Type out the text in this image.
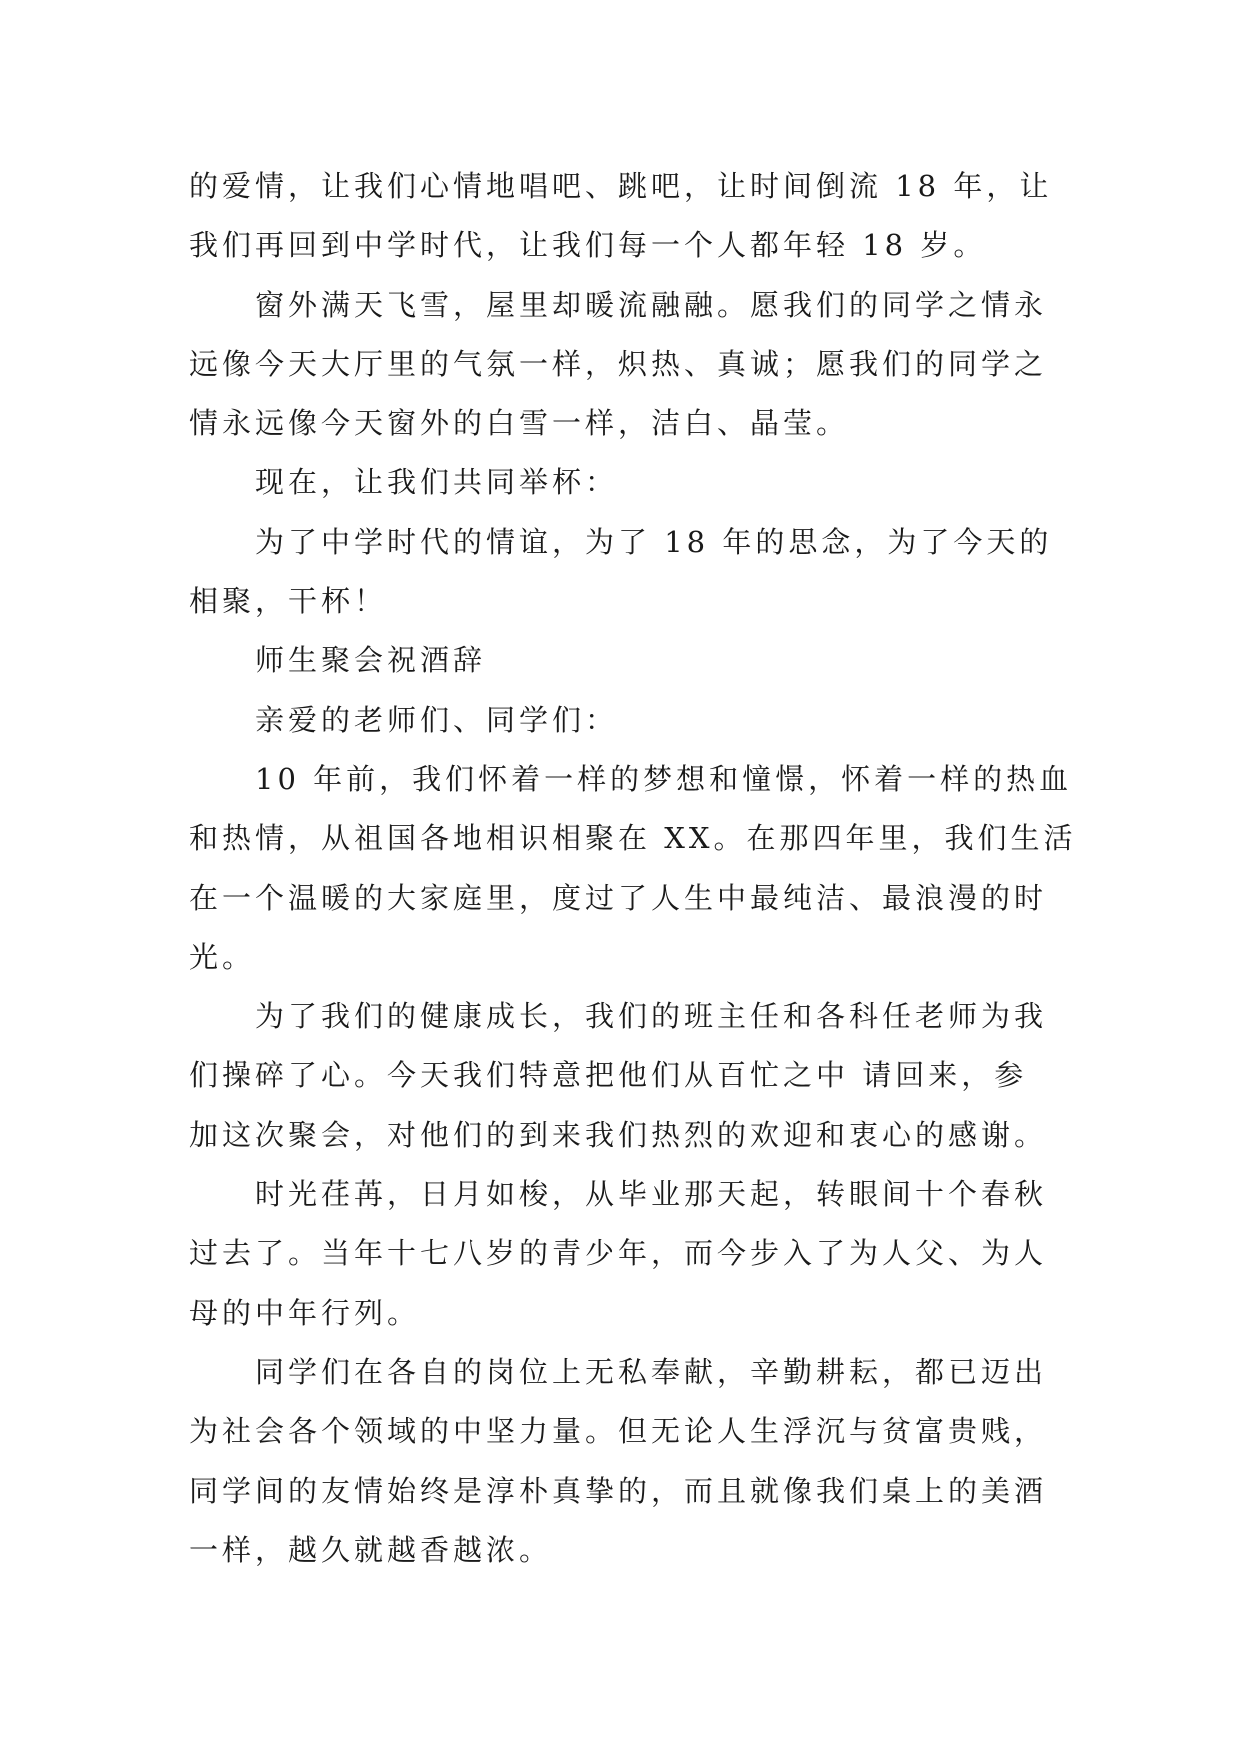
的爱情，让我们心情地唱吧、跳吧，让时间倒流 18 年，让
我们再回到中学时代，让我们每一个人都年轻 18 岁。
窗外满天飞雪，屋里却暖流融融。愿我们的同学之情永
远像今天大厅里的气氛一样，炽热、真诚；愿我们的同学之
情永远像今天窗外的白雪一样，洁白、晶莹。
现在，让我们共同举杯：
为了中学时代的情谊，为了 18 年的思念，为了今天的
相聚，干杯！
师生聚会祝酒辞
亲爱的老师们、同学们：
10 年前，我们怀着一样的梦想和憧憬，怀着一样的热血
和热情，从祖国各地相识相聚在 XX。在那四年里，我们生活
在一个温暖的大家庭里，度过了人生中最纯洁、最浪漫的时
光。
为了我们的健康成长，我们的班主任和各科任老师为我
们操碎了心。今天我们特意把他们从百忙之中 请回来，参
加这次聚会，对他们的到来我们热烈的欢迎和衷心的感谢。
时光荏苒，日月如梭，从毕业那天起，转眼间十个春秋
过去了。当年十七八岁的青少年，而今步入了为人父、为人
母的中年行列。
同学们在各自的岗位上无私奉献，辛勤耕耘，都已迈出
为社会各个领域的中坚力量。但无论人生浮沉与贫富贵贱，
同学间的友情始终是淳朴真挚的，而且就像我们桌上的美酒
一样，越久就越香越浓。
